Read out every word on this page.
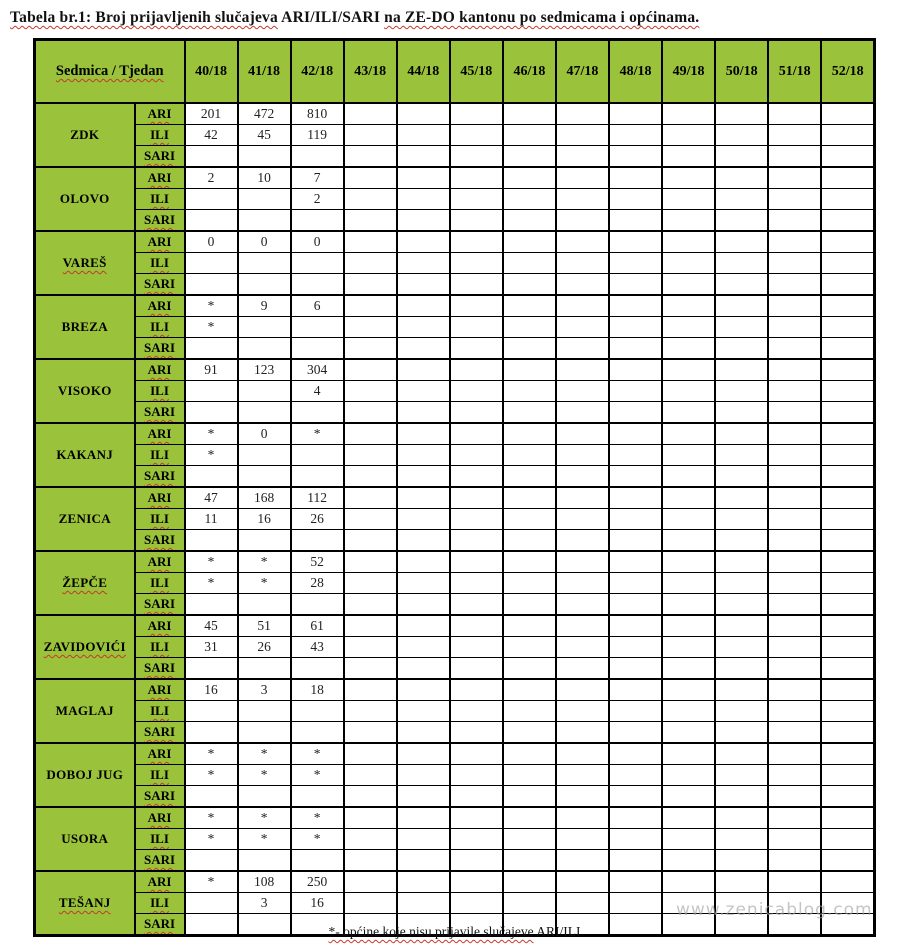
Tabela br.1: Broj prijavljenih slučajeva ARI/ILI/SARI na ZE-DO kantonu po sedmicama i općinama.
Sedmica / Tjedan		40/18	41/18	42/18	43/18	44/18	45/18	46/18	47/18	48/18	49/18	50/18	51/18	52/18
ZDK	ARI	201	472	810										
	ILI	42	45	119										
	SARI													
OLOVO	ARI	2	10	7										
	ILI			2										
	SARI													
VAREŠ	ARI	0	0	0										
	ILI													
	SARI													
BREZA	ARI	*	9	6										
	ILI	*												
	SARI													
VISOKO	ARI	91	123	304										
	ILI			4										
	SARI													
KAKANJ	ARI	*	0	*										
	ILI	*												
	SARI													
ZENICA	ARI	47	168	112										
	ILI	11	16	26										
	SARI													
ŽEPČE	ARI	*	*	52										
	ILI	*	*	28										
	SARI													
ZAVIDOVIĆI	ARI	45	51	61										
	ILI	31	26	43										
	SARI													
MAGLAJ	ARI	16	3	18										
	ILI													
	SARI													
DOBOJ JUG	ARI	*	*	*										
	ILI	*	*	*										
	SARI													
USORA	ARI	*	*	*										
	ILI	*	*	*										
	SARI													
TEŠANJ	ARI	*	108	250										
	ILI		3	16										
	SARI													
*- općine koje nisu prijavile slučajeve ARI/ILI
www.zenicablog.com
